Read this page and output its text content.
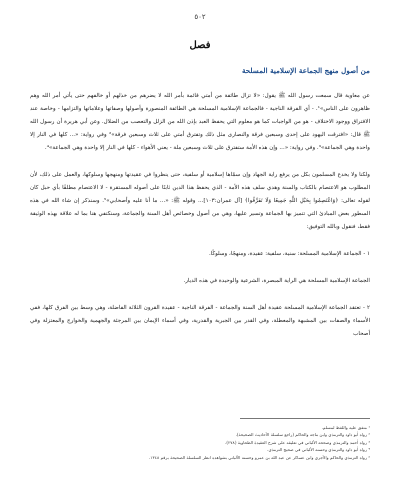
٥٠٢
فصل
من أصول منهج الجماعة الإسلامية المسلحة

عن معاوية قال سمعت رسول الله ﷺ يقول: «لا تزال طائفة من أمتي قائمة بأمر الله لا يضرهم من خذلهم أو خالفهم حتى يأتي أمر الله وهم ظاهرون على الناس»¹. - أي الفرقة الناجية - فالجماعة الإسلامية المسلحة هي الطائفة المنصورة وأصولها وصفاتها وعلاماتها والتزامها - وخاصة عند الافتراق ووجود الاختلاف - هو من الواجبات كما هو معلوم التي يحفظ العبد بإذن الله من الزلل والتعصب من الضلال. وعن أبي هريرة أن رسول الله ﷺ قال: «افترقت اليهود على إحدى وسبعين فرقة والنصارى مثل ذلك وتفترق أمتي على ثلاث وسبعين فرقة»² وفي رواية: «... كلها في النار إلا واحدة وهي الجماعة»³. وفي رواية: «... وإن هذه الأمة ستفترق على ثلاث وسبعين ملة - يعني الأهواء - كلها في النار إلا واحدة وهي الجماعة»⁴.

ولكنا ولا يخدع المسلمون بكل من يرفع راية الجهاد وإن سمّاها إسلامية أو سلفية، حتى ينظروا في عقيدتها ومنهجها وسلوكها، والعمل على ذلك، لأن المطلوب هو الاعتصام بالكتاب والسنة وهدي سلف هذه الأمة - الذي يحفظ هذا الدين ثابتًا على أصوله المستقرة - لا الاعتصام مطلقًا بأي حبل كان لقوله تعالى: ﴿وَاعْتَصِمُوا بِحَبْلِ اللَّهِ جَمِيعًا وَلَا تَفَرَّقُوا﴾ [آل عمران:١٠٣]... وقوله ﷺ: «... ما أنا عليه وأصحابي»⁵. وسنذكر إن شاء الله في هذه السطور بعض المبادئ التي تتميز بها الجماعة وتسير عليها، وهي من أصول وخصائص أهل السنة والجماعة، وسنكتفي هنا بما له علاقة بهذه الوثيقة فقط، فنقول وبالله التوفيق:

١ - الجماعة الإسلامية المسلحة: سنية، سلفية: عقيدة، ومنهجًا، وسلوكًا.

الجماعة الإسلامية المسلحة هي الراية المبصرة، الشرعية والوحيدة في هذه الديار.

٢ - تعتقد الجماعة الإسلامية المسلحة عقيدة أهل السنة والجماعة - الفرقة الناجية - عقيدة القرون الثلاثة الفاضلة، وهي وسط بين الفرق كلها، ففي الأسماء والصفات بين المشبهة والمعطلة، وفي القدر بين الجبرية والقدرية، وفي أسماء الإيمان بين المرجئة والجهمية والخوارج والمعتزلة وفي أصحاب

¹ متفق عليه واللفظ لمسلم.
² رواه أبو داود والترمذي وابن ماجه والحاكم (راجع سلسلة الأحاديث الصحيحة).
³ رواه أحمد والترمذي وصححه الألباني في تعليقه على شرح العقيدة الطحاوية (٢٧٨).
⁴ رواه أبو داود والترمذي وحسنه الألباني في صحيح الترمذي.
⁵ رواه الترمذي والحاكم والآجري وابن عساكر عن عبد الله بن عمرو وحسنه الألباني بشواهده انظر السلسلة الصحيحة برقم ١٣٤٨.
